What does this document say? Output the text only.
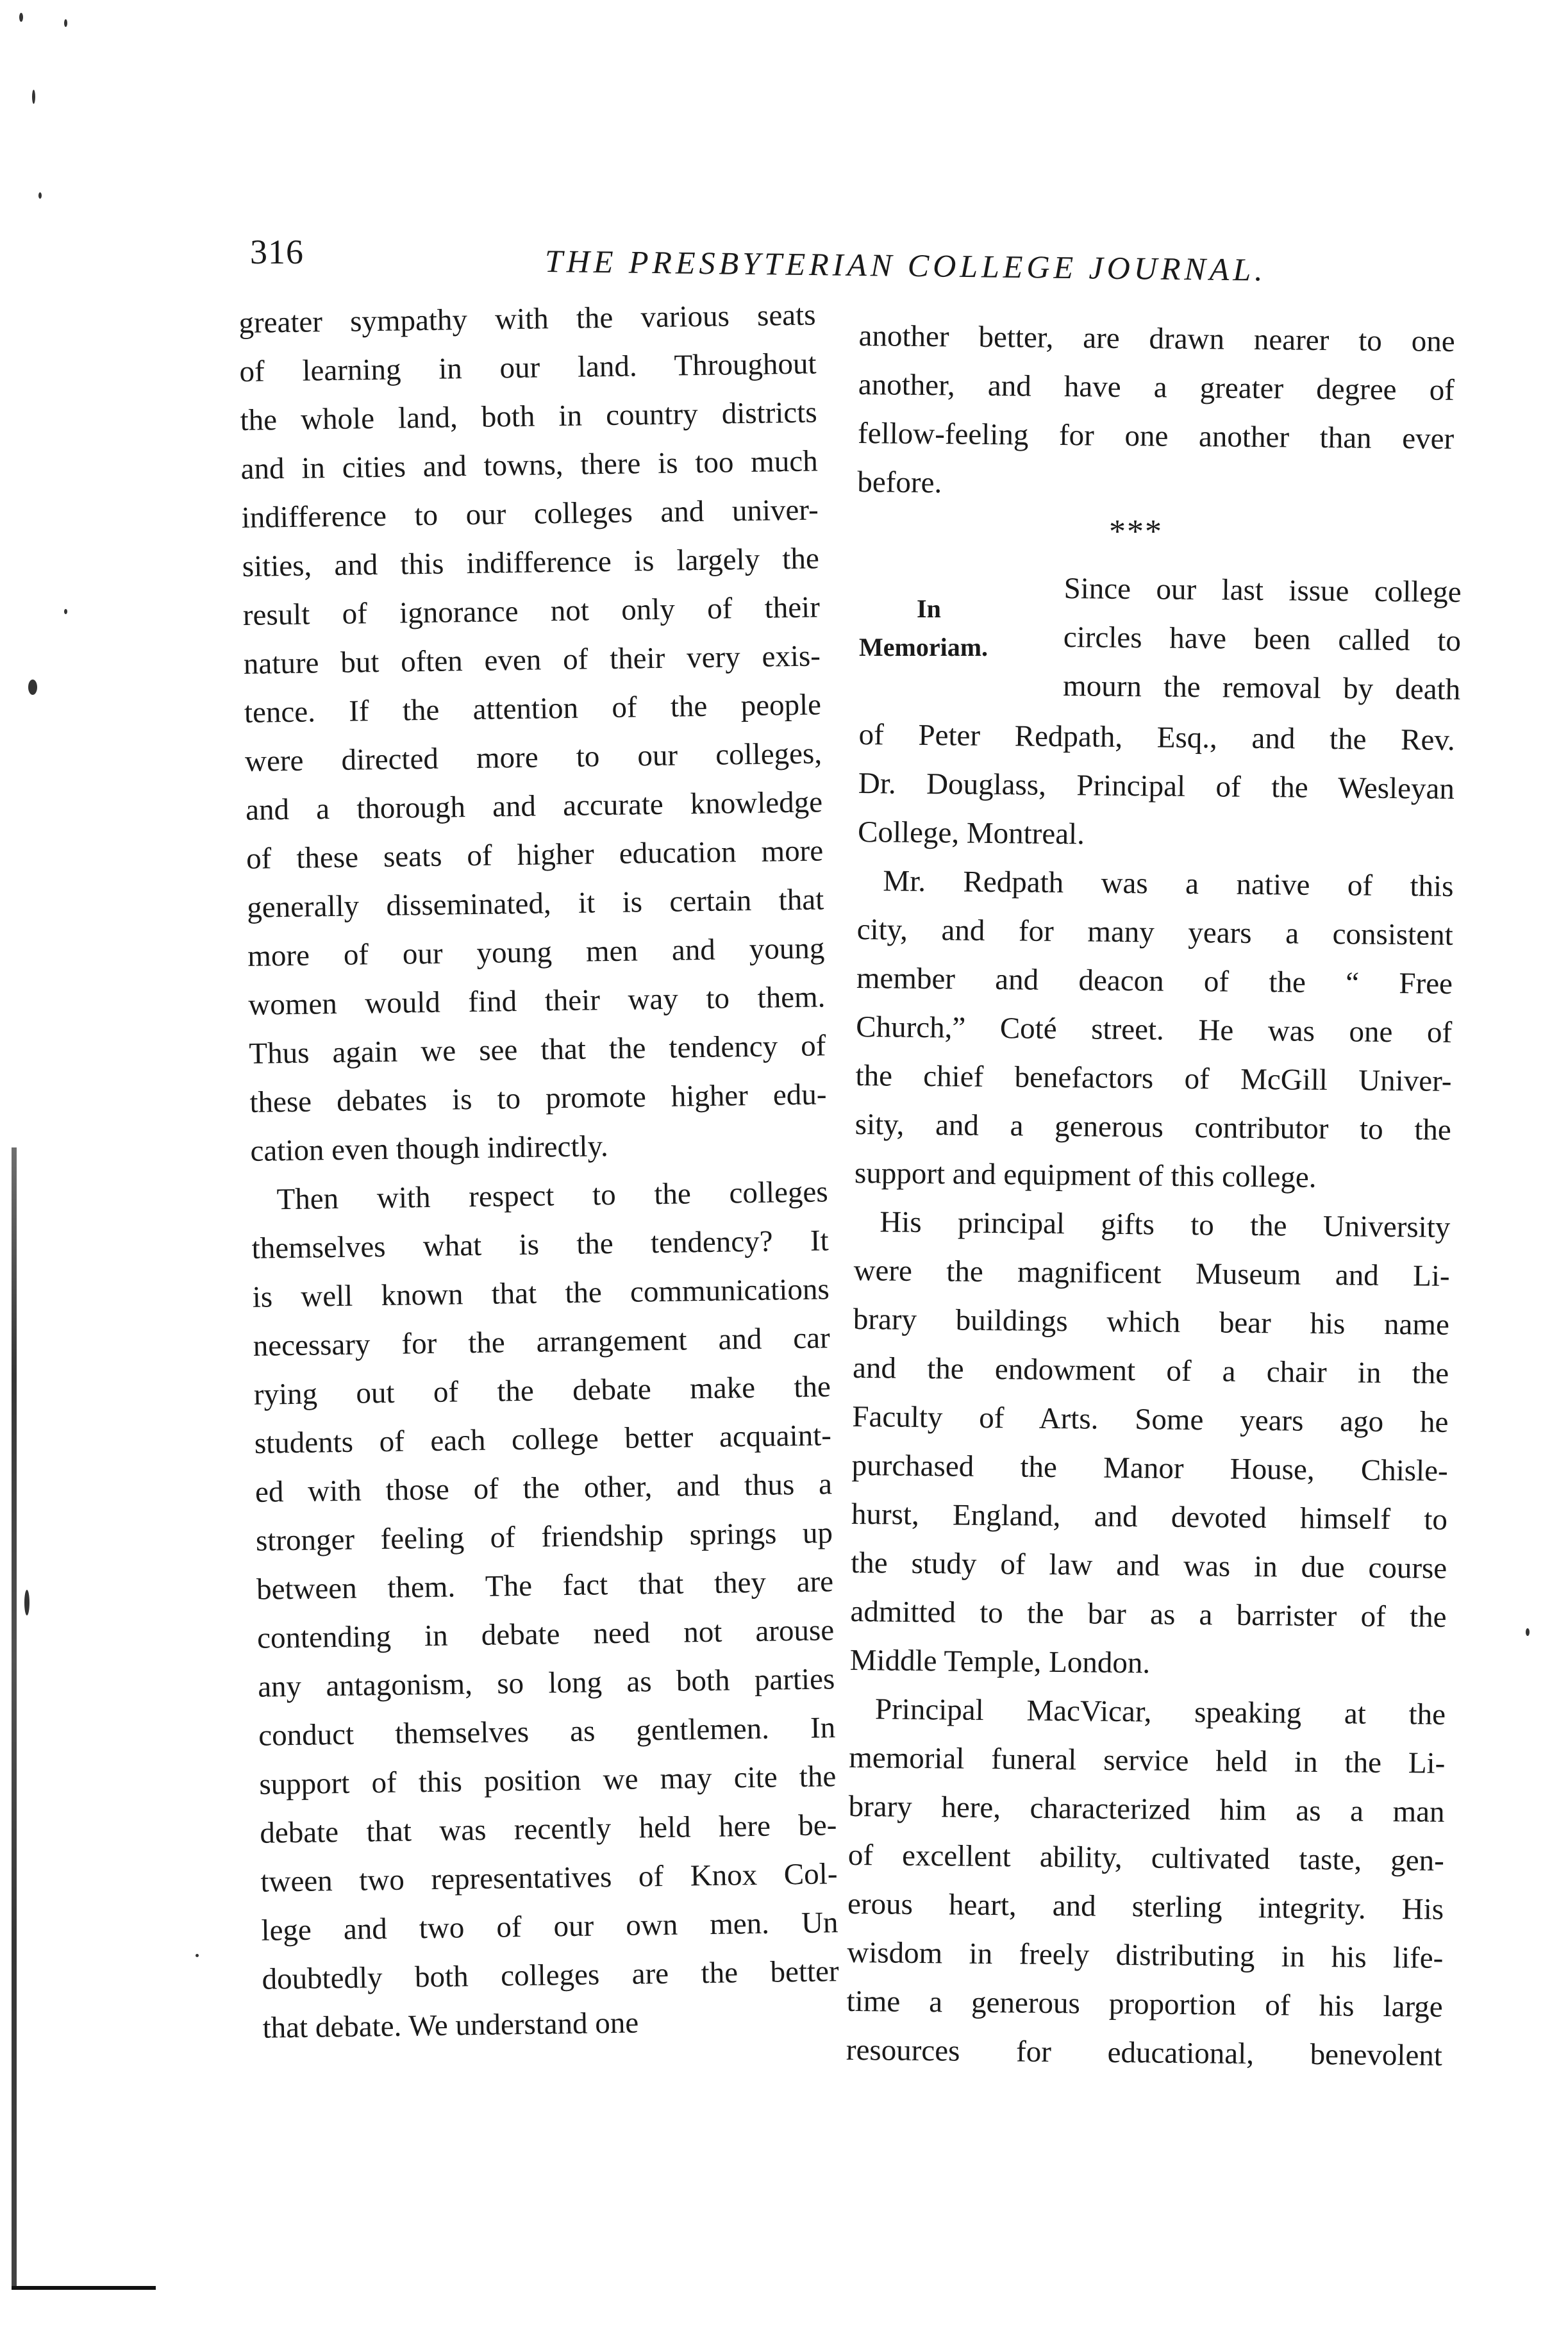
316	THE PRESBYTERIAN COLLEGE JOURNAL.
greater sympathy with the various seats
of learning in our land. Throughout
the whole land, both in country districts
and in cities and towns, there is too much
indifference to our colleges and univer-
sities, and this indifference is largely the
result of ignorance not only of their
nature but often even of their very exis-
tence. If the attention of the people
were directed more to our colleges,
and a thorough and accurate knowledge
of these seats of higher education more
generally disseminated, it is certain that
more of our young men and young
women would find their way to them.
Thus again we see that the tendency of
these debates is to promote higher edu-
cation even though indirectly.
Then with respect to the colleges
themselves what is the tendency? It
is well known that the communications
necessary for the arrangement and car
rying out of the debate make the
students of each college better acquaint-
ed with those of the other, and thus a
stronger feeling of friendship springs up
between them. The fact that they are
contending in debate need not arouse
any antagonism, so long as both parties
conduct themselves as gentlemen. In
support of this position we may cite the
debate that was recently held here be-
tween two representatives of Knox Col-
lege and two of our own men. Un
doubtedly both colleges are the better
that debate. We understand one
another better, are drawn nearer to one
another, and have a greater degree of
fellow-feeling for one another than ever
before.
***
In
Memoriam.
Since our last issue college
circles have been called to
mourn the removal by death
of Peter Redpath, Esq., and the Rev.
Dr. Douglass, Principal of the Wesleyan
College, Montreal.
Mr. Redpath was a native of this
city, and for many years a consistent
member and deacon of the “ Free
Church,” Coté street. He was one of
the chief benefactors of McGill Univer-
sity, and a generous contributor to the
support and equipment of this college.
His principal gifts to the University
were the magnificent Museum and Li-
brary buildings which bear his name
and the endowment of a chair in the
Faculty of Arts. Some years ago he
purchased the Manor House, Chisle-
hurst, England, and devoted himself to
the study of law and was in due course
admitted to the bar as a barrister of the
Middle Temple, London.
Principal MacVicar, speaking at the
memorial funeral service held in the Li-
brary here, characterized him as a man
of excellent ability, cultivated taste, gen-
erous heart, and sterling integrity. His
wisdom in freely distributing in his life-
time a generous proportion of his large
resources for educational, benevolent
